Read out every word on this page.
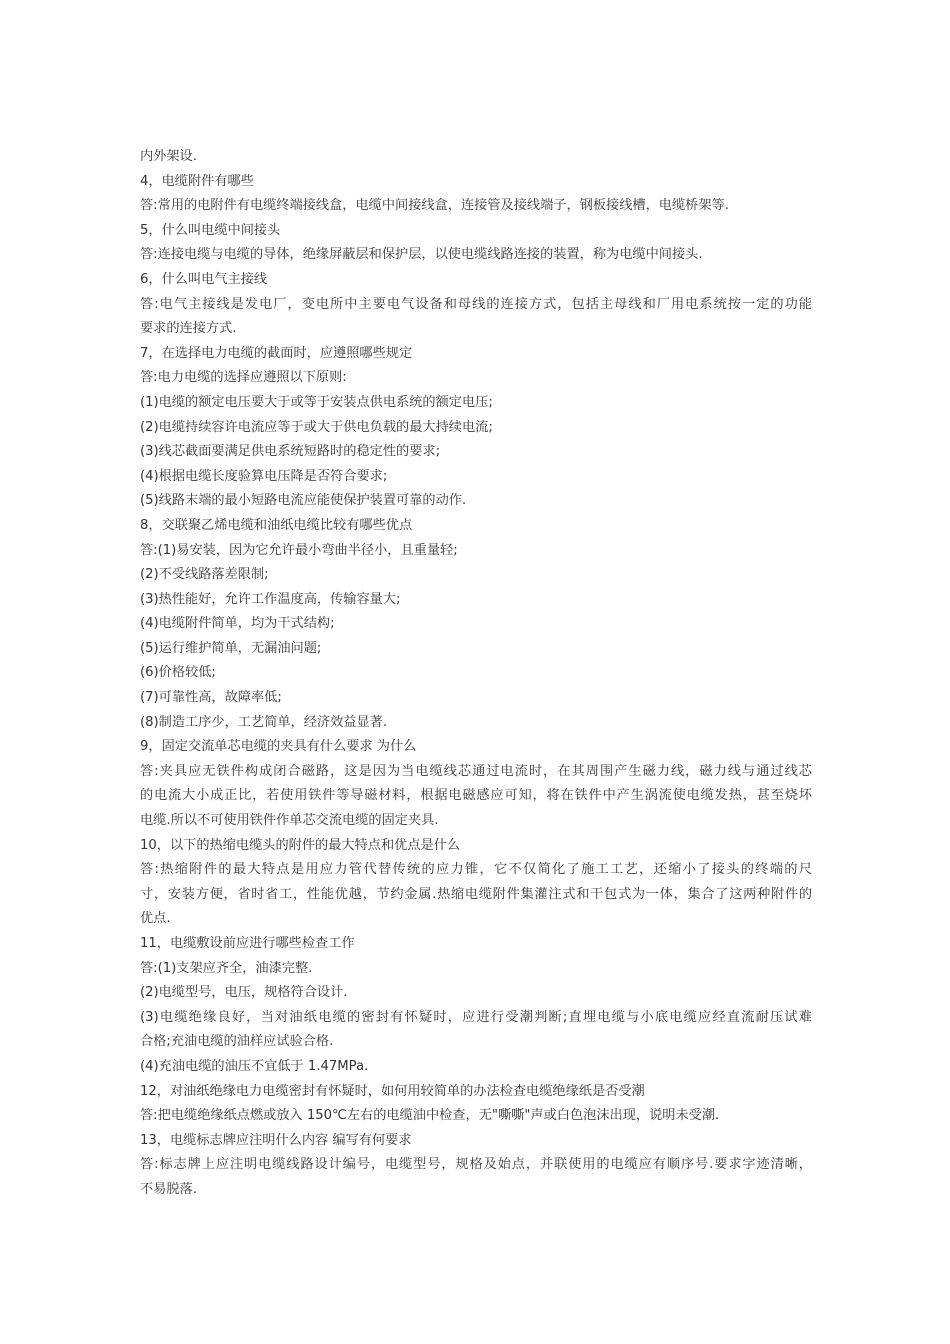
内外架设.
4，电缆附件有哪些
答:常用的电附件有电缆终端接线盒，电缆中间接线盒，连接管及接线端子，钢板接线槽，电缆桥架等.
5，什么叫电缆中间接头
答:连接电缆与电缆的导体，绝缘屏蔽层和保护层，以使电缆线路连接的装置，称为电缆中间接头.
6，什么叫电气主接线
答:电气主接线是发电厂，变电所中主要电气设备和母线的连接方式，包括主母线和厂用电系统按一定的功能
要求的连接方式.
7，在选择电力电缆的截面时，应遵照哪些规定
答:电力电缆的选择应遵照以下原则:
(1)电缆的额定电压要大于或等于安装点供电系统的额定电压;
(2)电缆持续容许电流应等于或大于供电负载的最大持续电流;
(3)线芯截面要满足供电系统短路时的稳定性的要求;
(4)根据电缆长度验算电压降是否符合要求;
(5)线路末端的最小短路电流应能使保护装置可靠的动作.
8，交联聚乙烯电缆和油纸电缆比较有哪些优点
答:(1)易安装，因为它允许最小弯曲半径小，且重量轻;
(2)不受线路落差限制;
(3)热性能好，允许工作温度高，传输容量大;
(4)电缆附件简单，均为干式结构;
(5)运行维护简单，无漏油问题;
(6)价格较低;
(7)可靠性高，故障率低;
(8)制造工序少，工艺简单，经济效益显著.
9，固定交流单芯电缆的夹具有什么要求 为什么
答:夹具应无铁件构成闭合磁路，这是因为当电缆线芯通过电流时，在其周围产生磁力线，磁力线与通过线芯
的电流大小成正比，若使用铁件等导磁材料，根据电磁感应可知，将在铁件中产生涡流使电缆发热，甚至烧坏
电缆.所以不可使用铁件作单芯交流电缆的固定夹具.
10，以下的热缩电缆头的附件的最大特点和优点是什么
答:热缩附件的最大特点是用应力管代替传统的应力锥，它不仅简化了施工工艺，还缩小了接头的终端的尺
寸，安装方便，省时省工，性能优越，节约金属.热缩电缆附件集灌注式和干包式为一体，集合了这两种附件的
优点.
11，电缆敷设前应进行哪些检查工作
答:(1)支架应齐全，油漆完整.
(2)电缆型号，电压，规格符合设计.
(3)电缆绝缘良好，当对油纸电缆的密封有怀疑时，应进行受潮判断;直埋电缆与小底电缆应经直流耐压试难
合格;充油电缆的油样应试验合格.
(4)充油电缆的油压不宜低于 1.47MPa.
12，对油纸绝缘电力电缆密封有怀疑时，如何用较简单的办法检查电缆绝缘纸是否受潮
答:把电缆绝缘纸点燃或放入 150℃左右的电缆油中检查，无"嘶嘶"声或白色泡沫出现，说明未受潮.
13，电缆标志牌应注明什么内容 编写有何要求
答:标志牌上应注明电缆线路设计编号，电缆型号，规格及始点，并联使用的电缆应有顺序号.要求字迹清晰，
不易脱落.
